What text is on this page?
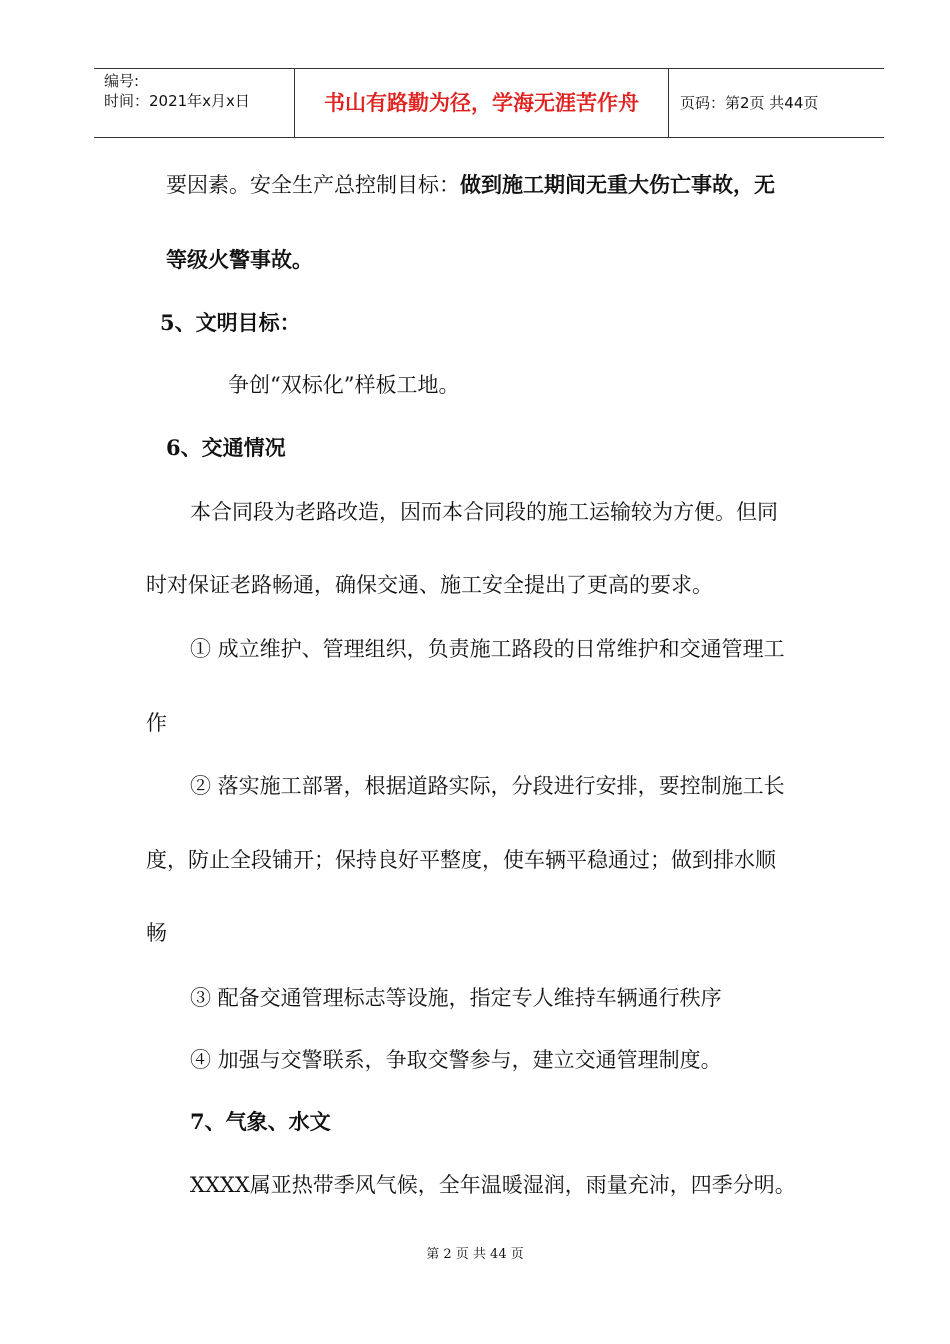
编号:
时间：2021年x月x日	书山有路勤为径，学海无涯苦作舟	页码：第2页 共44页
要因素。安全生产总控制目标：做到施工期间无重大伤亡事故，无
等级火警事故。
5、文明目标：
争创“双标化”样板工地。
6、交通情况
本合同段为老路改造，因而本合同段的施工运输较为方便。但同
时对保证老路畅通，确保交通、施工安全提出了更高的要求。
① 成立维护、管理组织，负责施工路段的日常维护和交通管理工
作
② 落实施工部署，根据道路实际，分段进行安排，要控制施工长
度，防止全段铺开；保持良好平整度，使车辆平稳通过；做到排水顺
畅
③ 配备交通管理标志等设施，指定专人维持车辆通行秩序
④ 加强与交警联系，争取交警参与，建立交通管理制度。
7、气象、水文
XXXX属亚热带季风气候，全年温暖湿润，雨量充沛，四季分明。
第 2 页 共 44 页
